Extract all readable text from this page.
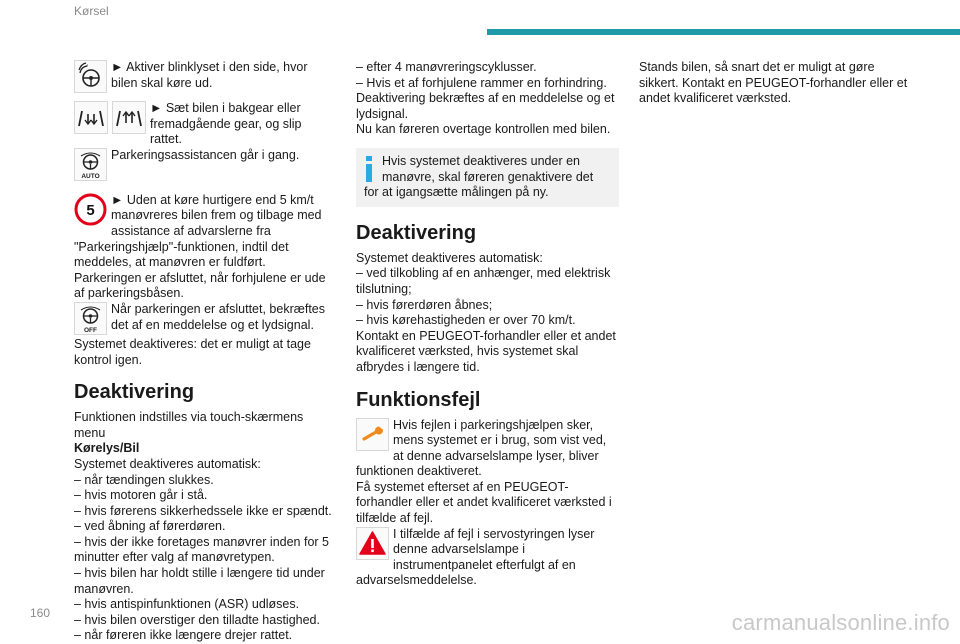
Kørsel

► Aktiver blinklyset i den side, hvor bilen skal køre ud.

► Sæt bilen i bakgear eller fremadgående gear, og slip rattet.

AUTO

Parkeringsassistancen går i gang.

5

► Uden at køre hurtigere end 5 km/t manøvreres bilen frem og tilbage med assistance af advarslerne fra "Parkeringshjælp"-funktionen, indtil det meddeles, at manøvren er fuldført.

Parkeringen er afsluttet, når forhjulene er ude af parkeringsbåsen.

OFF

Når parkeringen er afsluttet, bekræftes det af en meddelelse og et lydsignal.

Systemet deaktiveres: det er muligt at tage kontrol igen.

Deaktivering

Funktionen indstilles via touch-skærmens menu
Kørelys/Bil

Systemet deaktiveres automatisk:

– når tændingen slukkes.

– hvis motoren går i stå.

– hvis førerens sikkerhedssele ikke er spændt.

– ved åbning af førerdøren.

– hvis der ikke foretages manøvrer inden for 5 minutter efter valg af manøvretypen.

– hvis bilen har holdt stille i længere tid under manøvren.

– hvis antispinfunktionen (ASR) udløses.

– hvis bilen overstiger den tilladte hastighed.

– når føreren ikke længere drejer rattet.

– efter 4 manøvreringscyklusser.

– Hvis et af forhjulene rammer en forhindring.

Deaktivering bekræftes af en meddelelse og et lydsignal.

Nu kan føreren overtage kontrollen med bilen.

Hvis systemet deaktiveres under en manøvre, skal føreren genaktivere det for at igangsætte målingen på ny.
Deaktivering

Systemet deaktiveres automatisk:

– ved tilkobling af en anhænger, med elektrisk tilslutning;

– hvis førerdøren åbnes;

– hvis kørehastigheden er over 70 km/t.

Kontakt en PEUGEOT-forhandler eller et andet kvalificeret værksted, hvis systemet skal afbrydes i længere tid.

Funktionsfejl

Hvis fejlen i parkeringshjælpen sker, mens systemet er i brug, som vist ved, at denne advarselslampe lyser, bliver funktionen deaktiveret.

Få systemet efterset af en PEUGEOT-forhandler eller et andet kvalificeret værksted i tilfælde af fejl.

I tilfælde af fejl i servostyringen lyser denne advarselslampe i instrumentpanelet efterfulgt af en advarselsmeddelelse.

Stands bilen, så snart det er muligt at gøre sikkert. Kontakt en PEUGEOT-forhandler eller et andet kvalificeret værksted.

160	carmanualsonline.info
